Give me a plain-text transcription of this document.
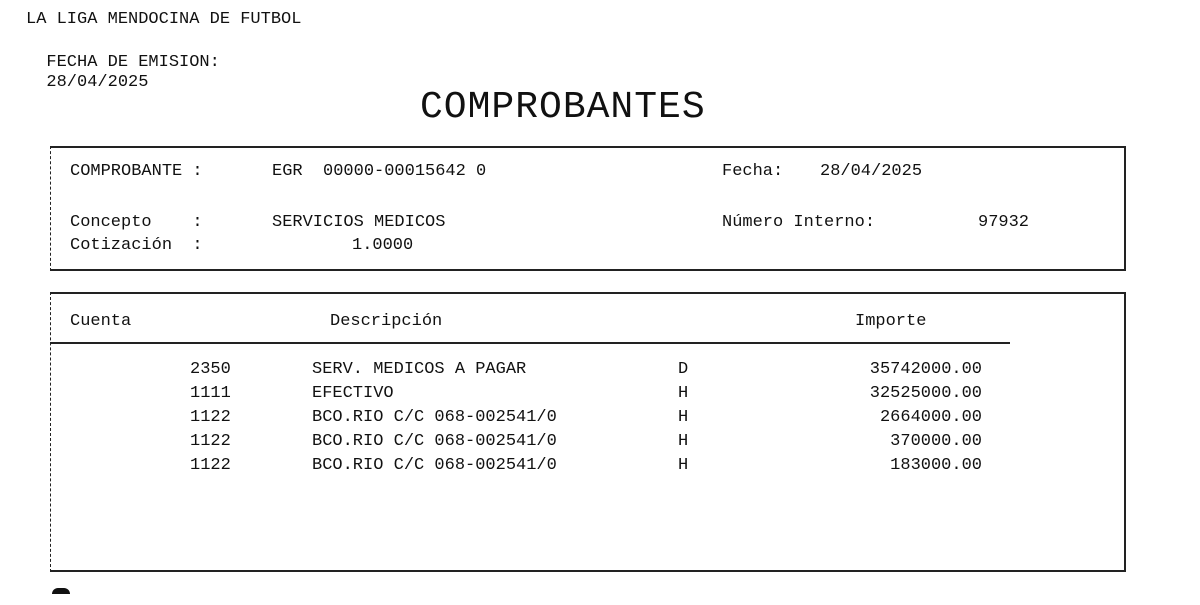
LA LIGA MENDOCINA DE FUTBOL

FECHA DE EMISION:
28/04/2025

COMPROBANTES
COMPROBANTE :	EGR  00000-00015642 0	Fecha: 28/04/2025
Concepto    :	SERVICIOS MEDICOS	Número Interno:	97932
Cotización  :	1.0000
Cuenta	Descripción	Importe
2350	SERV. MEDICOS A PAGAR	D	35742000.00
1111	EFECTIVO	H	32525000.00
1122	BCO.RIO C/C 068-002541/0	H	2664000.00
1122	BCO.RIO C/C 068-002541/0	H	370000.00
1122	BCO.RIO C/C 068-002541/0	H	183000.00
